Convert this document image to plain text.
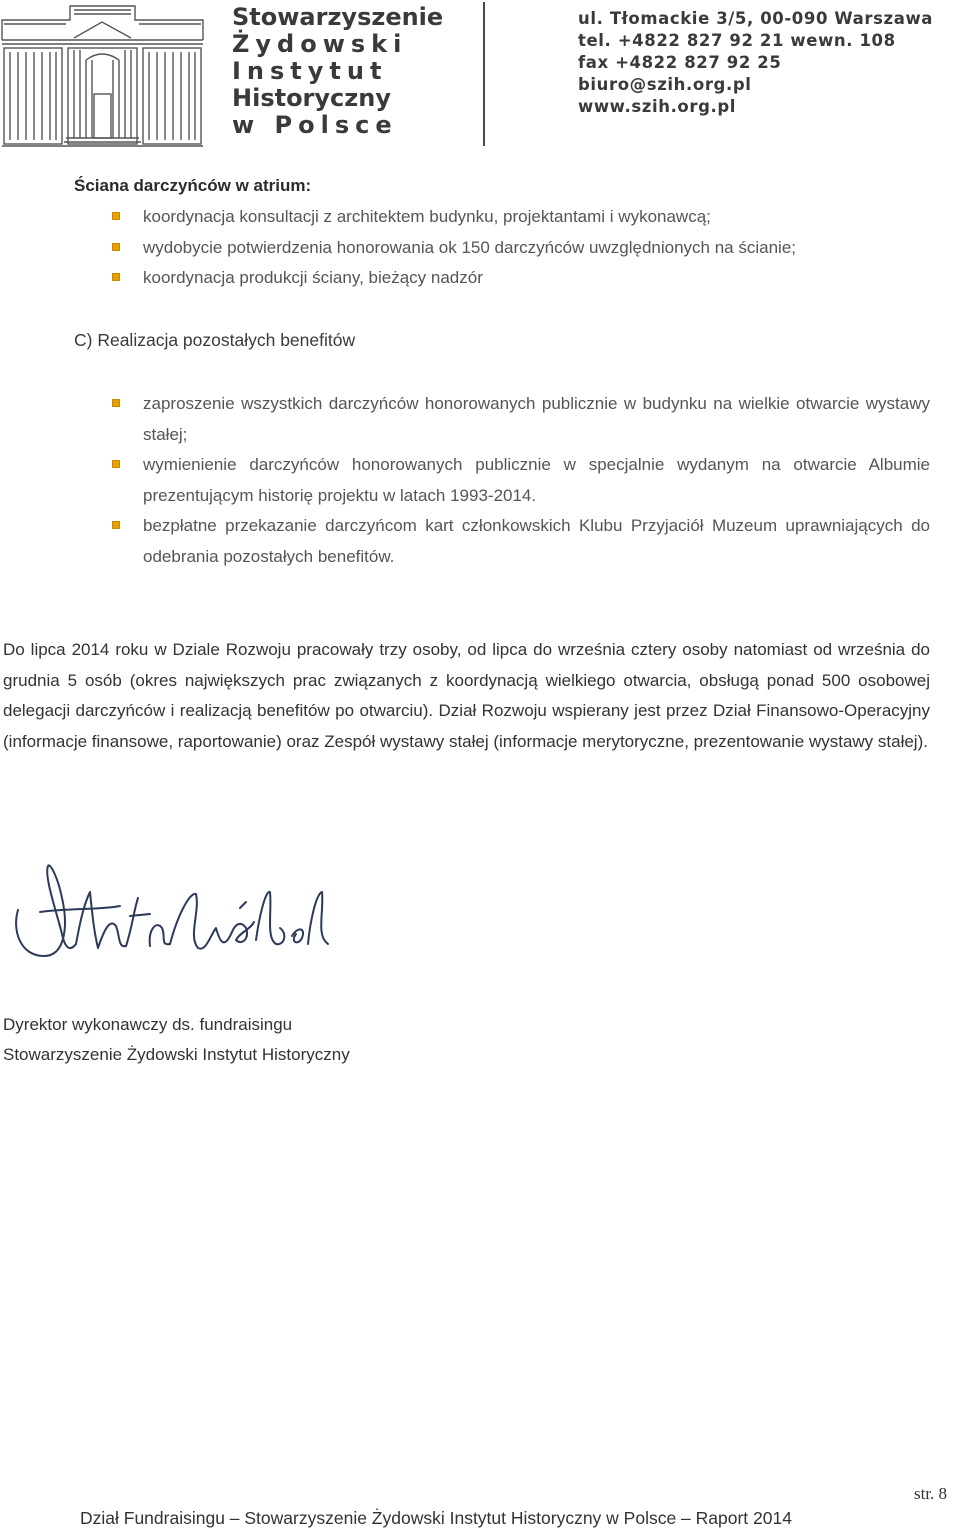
Stowarzyszenie
Żydowski
Instytut
Historyczny
w Polsce
ul. Tłomackie 3/5, 00-090 Warszawa
tel. +4822 827 92 21 wewn. 108
fax +4822 827 92 25
biuro@szih.org.pl
www.szih.org.pl
Ściana darczyńców w atrium:
koordynacja konsultacji z architektem budynku, projektantami i wykonawcą;
wydobycie potwierdzenia honorowania ok 150 darczyńców uwzględnionych na ścianie;
koordynacja produkcji ściany, bieżący nadzór
C) Realizacja pozostałych benefitów
zaproszenie wszystkich darczyńców honorowanych publicznie w budynku na wielkie otwarcie wystawy stałej;
wymienienie darczyńców honorowanych publicznie w specjalnie wydanym na otwarcie Albumie prezentującym historię projektu w latach 1993-2014.
bezpłatne przekazanie darczyńcom kart członkowskich Klubu Przyjaciół Muzeum uprawniających do odebrania pozostałych benefitów.
Do lipca 2014 roku w Dziale Rozwoju pracowały trzy osoby, od lipca do września cztery osoby natomiast od września do grudnia 5 osób (okres największych prac związanych z koordynacją wielkiego otwarcia, obsługą ponad 500 osobowej delegacji darczyńców i realizacją benefitów po otwarciu). Dział Rozwoju wspierany jest przez Dział Finansowo-Operacyjny (informacje finansowe, raportowanie) oraz Zespół wystawy stałej (informacje merytoryczne, prezentowanie wystawy stałej).
Dyrektor wykonawczy ds. fundraisingu
Stowarzyszenie Żydowski Instytut Historyczny
str. 8
Dział Fundraisingu – Stowarzyszenie Żydowski Instytut Historyczny w Polsce – Raport 2014
